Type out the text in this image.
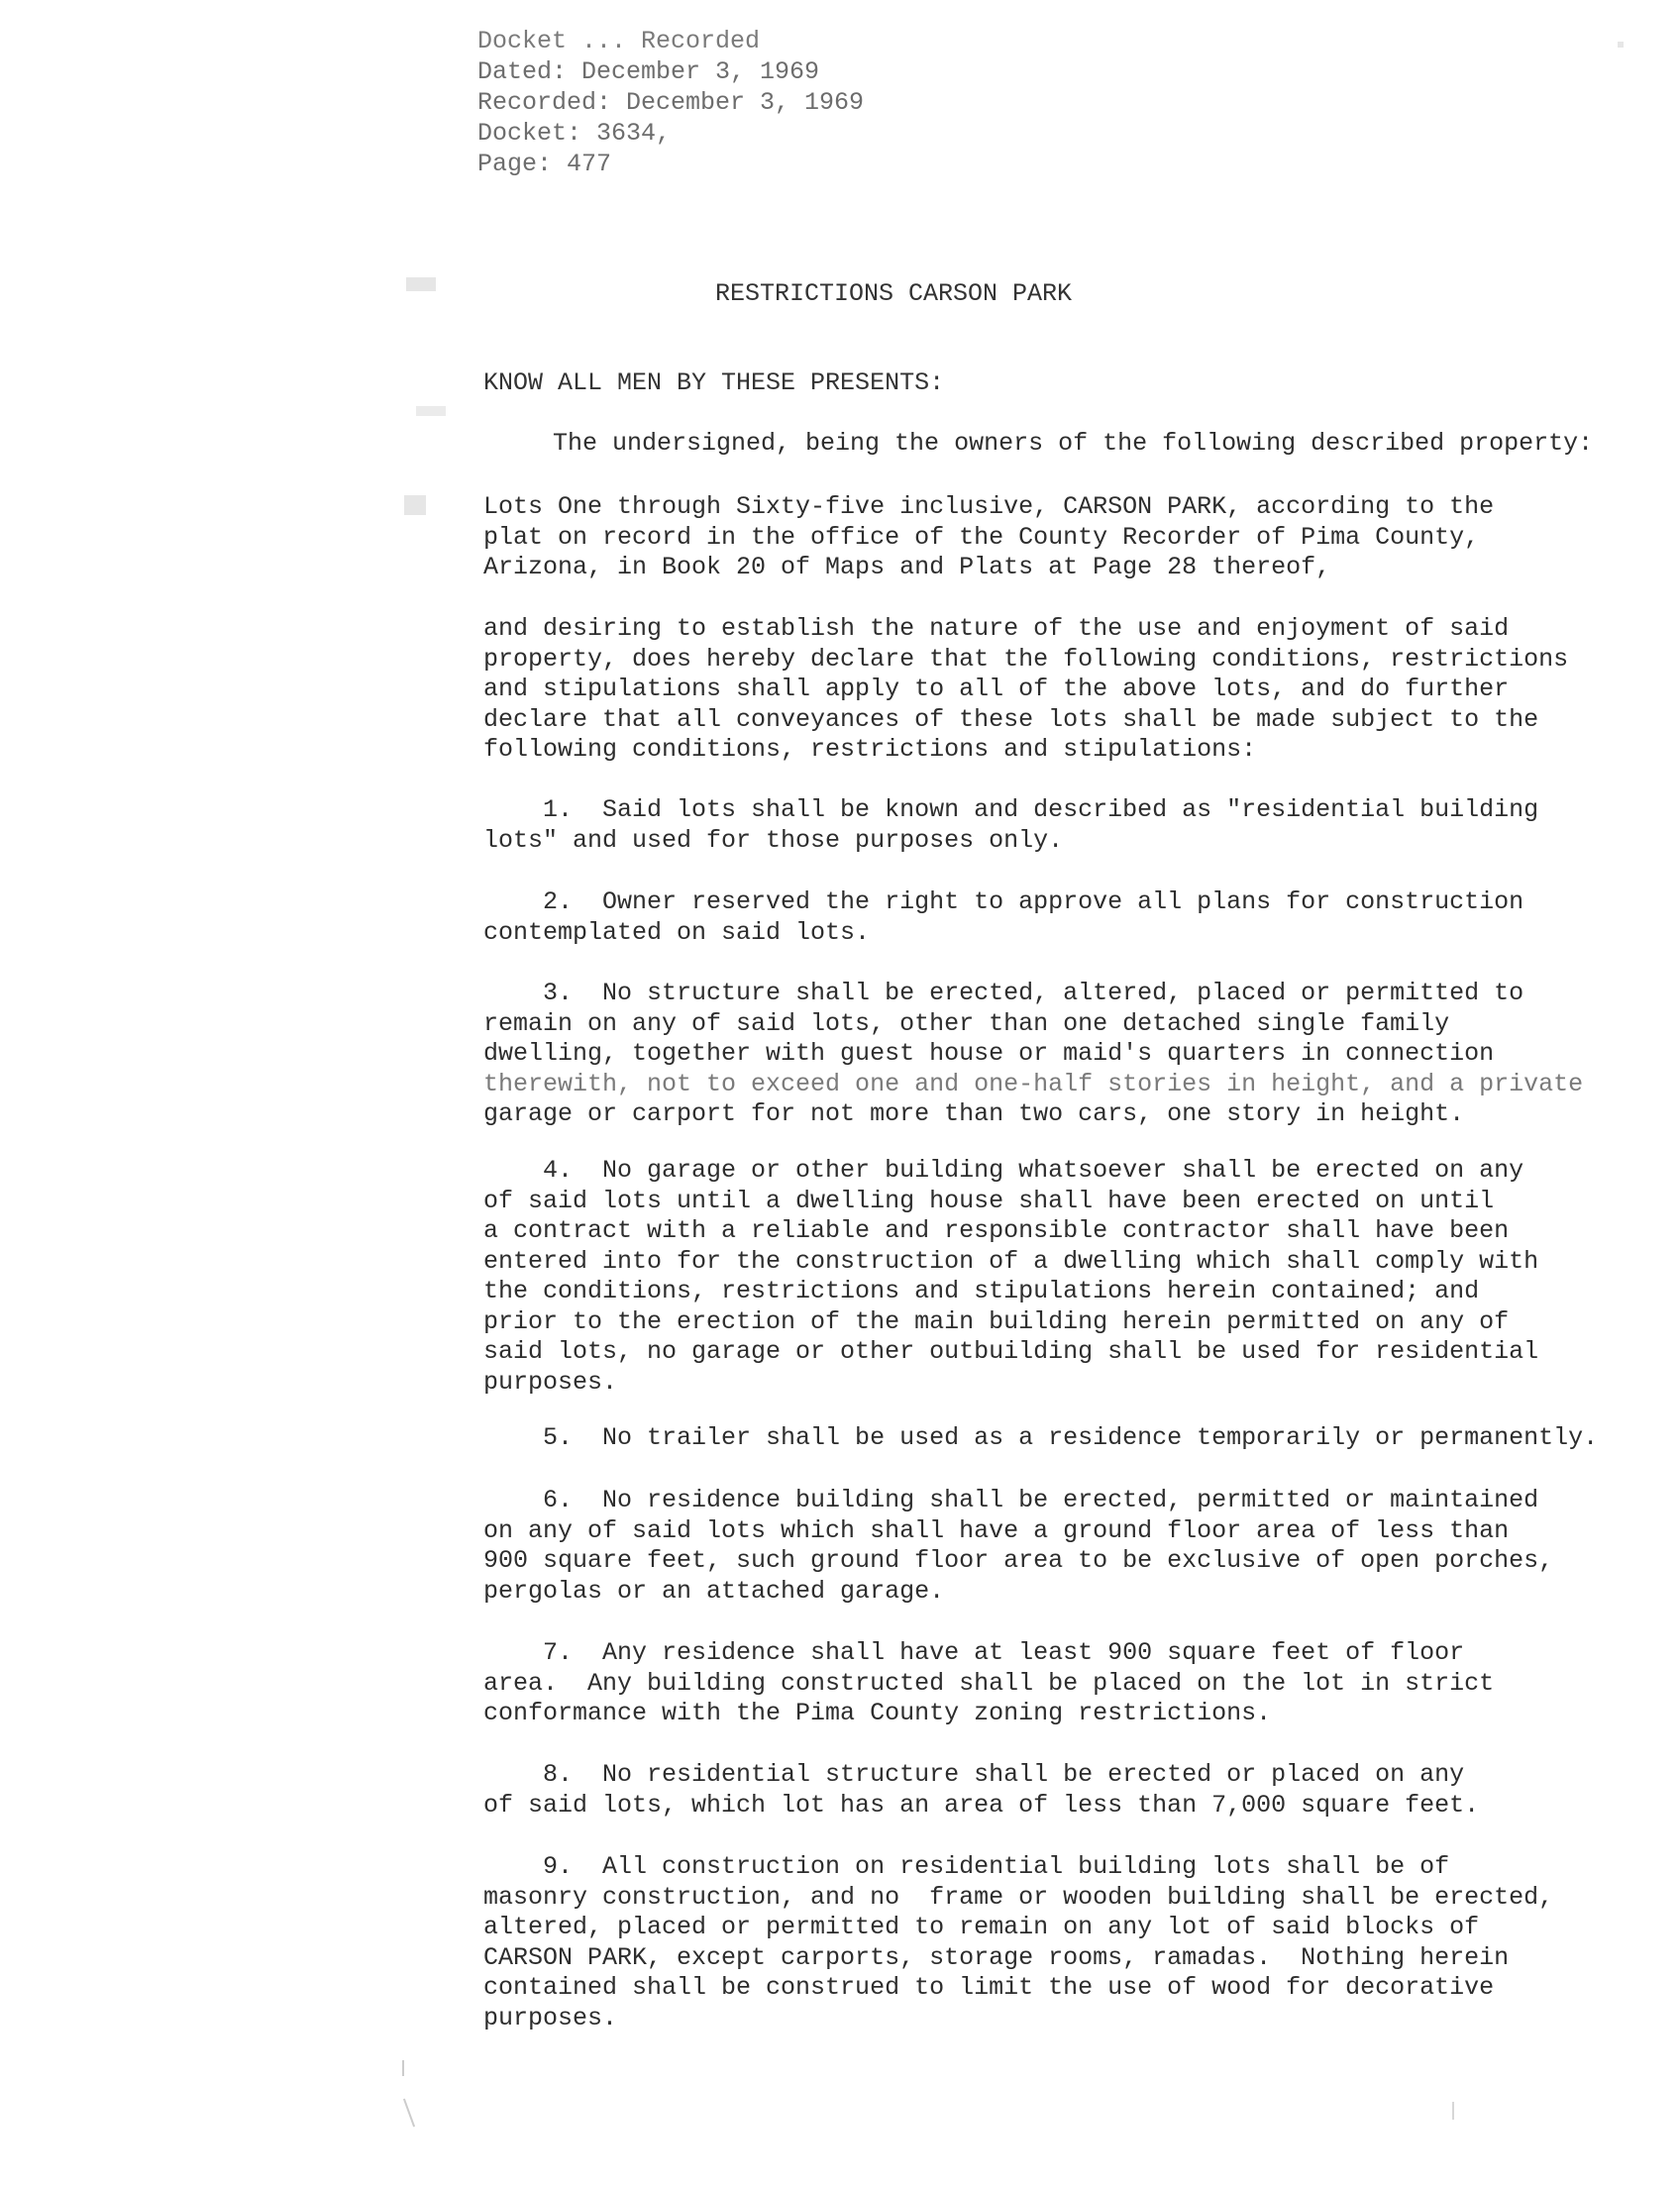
Docket ... Recorded
Dated: December 3, 1969
Recorded: December 3, 1969
Docket: 3634,
Page: 477
RESTRICTIONS CARSON PARK
KNOW ALL MEN BY THESE PRESENTS:
The undersigned, being the owners of the following described property:
Lots One through Sixty-five inclusive, CARSON PARK, according to the
plat on record in the office of the County Recorder of Pima County,
Arizona, in Book 20 of Maps and Plats at Page 28 thereof,
and desiring to establish the nature of the use and enjoyment of said
property, does hereby declare that the following conditions, restrictions
and stipulations shall apply to all of the above lots, and do further
declare that all conveyances of these lots shall be made subject to the
following conditions, restrictions and stipulations:
1.  Said lots shall be known and described as "residential building
lots" and used for those purposes only.
2.  Owner reserved the right to approve all plans for construction
contemplated on said lots.
3.  No structure shall be erected, altered, placed or permitted to
remain on any of said lots, other than one detached single family
dwelling, together with guest house or maid's quarters in connection
therewith, not to exceed one and one-half stories in height, and a private
garage or carport for not more than two cars, one story in height.
4.  No garage or other building whatsoever shall be erected on any
of said lots until a dwelling house shall have been erected on until
a contract with a reliable and responsible contractor shall have been
entered into for the construction of a dwelling which shall comply with
the conditions, restrictions and stipulations herein contained; and
prior to the erection of the main building herein permitted on any of
said lots, no garage or other outbuilding shall be used for residential
purposes.
5.  No trailer shall be used as a residence temporarily or permanently.
6.  No residence building shall be erected, permitted or maintained
on any of said lots which shall have a ground floor area of less than
900 square feet, such ground floor area to be exclusive of open porches,
pergolas or an attached garage.
7.  Any residence shall have at least 900 square feet of floor
area.  Any building constructed shall be placed on the lot in strict
conformance with the Pima County zoning restrictions.
8.  No residential structure shall be erected or placed on any
of said lots, which lot has an area of less than 7,000 square feet.
9.  All construction on residential building lots shall be of
masonry construction, and no  frame or wooden building shall be erected,
altered, placed or permitted to remain on any lot of said blocks of
CARSON PARK, except carports, storage rooms, ramadas.  Nothing herein
contained shall be construed to limit the use of wood for decorative
purposes.
